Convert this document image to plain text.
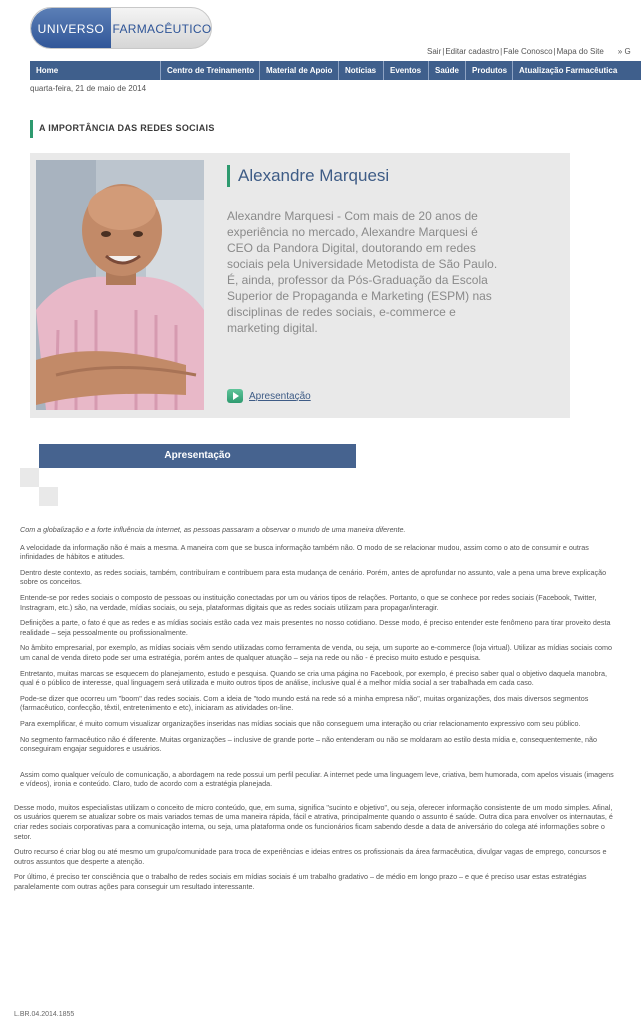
UNIVERSO FARMACÊUTICO
Sair|Editar cadastro|Fale Conosco|Mapa do Site » G
Home	Centro de Treinamento	Material de Apoio	Notícias	Eventos	Saúde	Produtos	Atualização Farmacêutica
quarta-feira, 21 de maio de 2014
A IMPORTÂNCIA DAS REDES SOCIAIS
Alexandre Marquesi
Alexandre Marquesi - Com mais de 20 anos de experiência no mercado, Alexandre Marquesi é CEO da Pandora Digital, doutorando em redes sociais pela Universidade Metodista de São Paulo. É, ainda, professor da Pós-Graduação da Escola Superior de Propaganda e Marketing (ESPM) nas disciplinas de redes sociais, e-commerce e marketing digital.
Apresentação
Apresentação

Com a globalização e a forte influência da internet, as pessoas passaram a observar o mundo de uma maneira diferente.

A velocidade da informação não é mais a mesma. A maneira com que se busca informação também não. O modo de se relacionar mudou, assim como o ato de consumir e outras infinidades de hábitos e atitudes.

Dentro deste contexto, as redes sociais, também, contribuíram e contribuem para esta mudança de cenário. Porém, antes de aprofundar no assunto, vale a pena uma breve explicação sobre os conceitos.

Entende-se por redes sociais o composto de pessoas ou instituição conectadas por um ou vários tipos de relações. Portanto, o que se conhece por redes sociais (Facebook, Twitter, Instragram, etc.) são, na verdade, mídias sociais, ou seja, plataformas digitais que as redes sociais utilizam para propagar/interagir.

Definições a parte, o fato é que as redes e as mídias sociais estão cada vez mais presentes no nosso cotidiano. Desse modo, é preciso entender este fenômeno para tirar proveito desta realidade – seja pessoalmente ou profissionalmente.

No âmbito empresarial, por exemplo, as mídias sociais vêm sendo utilizadas como ferramenta de venda, ou seja, um suporte ao e-commerce (loja virtual). Utilizar as mídias sociais como um canal de venda direto pode ser uma estratégia, porém antes de qualquer atuação – seja na rede ou não - é preciso muito estudo e pesquisa.

Entretanto, muitas marcas se esquecem do planejamento, estudo e pesquisa. Quando se cria uma página no Facebook, por exemplo, é preciso saber qual o objetivo daquela manobra, qual é o público de interesse, qual linguagem será utilizada e muito outros tipos de análise, inclusive qual é a melhor mídia social a ser trabalhada em cada caso.

Pode-se dizer que ocorreu um "boom" das redes sociais. Com a ideia de "todo mundo está na rede só a minha empresa não", muitas organizações, dos mais diversos segmentos (farmacêutico, confecção, têxtil, entretenimento e etc), iniciaram as atividades on-line.

Para exemplificar, é muito comum visualizar organizações inseridas nas mídias sociais que não conseguem uma interação ou criar relacionamento expressivo com seu público.

No segmento farmacêutico não é diferente. Muitas organizações – inclusive de grande porte – não entenderam ou não se moldaram ao estilo desta mídia e, consequentemente, não conseguiram engajar seguidores e usuários.

Assim como qualquer veículo de comunicação, a abordagem na rede possui um perfil peculiar. A internet pede uma linguagem leve, criativa, bem humorada, com apelos visuais (imagens e vídeos), ironia e conteúdo. Claro, tudo de acordo com a estratégia planejada.

Desse modo, muitos especialistas utilizam o conceito de micro conteúdo, que, em suma, significa "sucinto e objetivo", ou seja, oferecer informação consistente de um modo simples. Afinal, os usuários querem se atualizar sobre os mais variados temas de uma maneira rápida, fácil e atrativa, principalmente quando o assunto é saúde. Outra dica para envolver os internautas, é criar redes sociais corporativas para a comunicação interna, ou seja, uma plataforma onde os funcionários ficam sabendo desde a data de aniversário do colega até informações sobre o setor.

Outro recurso é criar blog ou até mesmo um grupo/comunidade para troca de experiências e ideias entres os profissionais da área farmacêutica, divulgar vagas de emprego, concursos e outros assuntos que desperte a atenção.

Por último, é preciso ter consciência que o trabalho de redes sociais em mídias sociais é um trabalho gradativo – de médio em longo prazo – e que é preciso usar estas estratégias paralelamente com outras ações para conseguir um resultado interessante.

L.BR.04.2014.1855
